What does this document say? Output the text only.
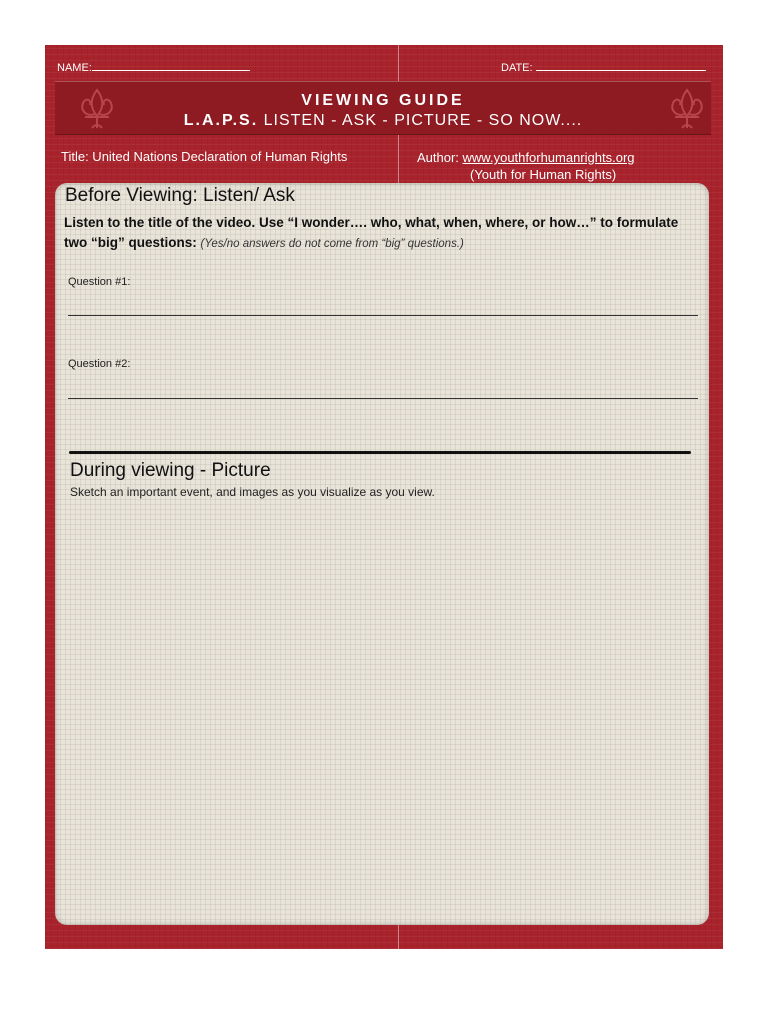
NAME:	DATE:
VIEWING GUIDE
L.A.P.S. LISTEN - ASK - PICTURE - SO NOW....
Title: United Nations Declaration of Human Rights	Author: www.youthforhumanrights.org
(Youth for Human Rights)
Before Viewing: Listen/ Ask
Listen to the title of the video. Use “I wonder…. who, what, when, where, or how…” to formulate two “big” questions: (Yes/no answers do not come from “big” questions.)
Question #1:
Question #2:
During viewing - Picture
Sketch an important event, and images as you visualize as you view.
